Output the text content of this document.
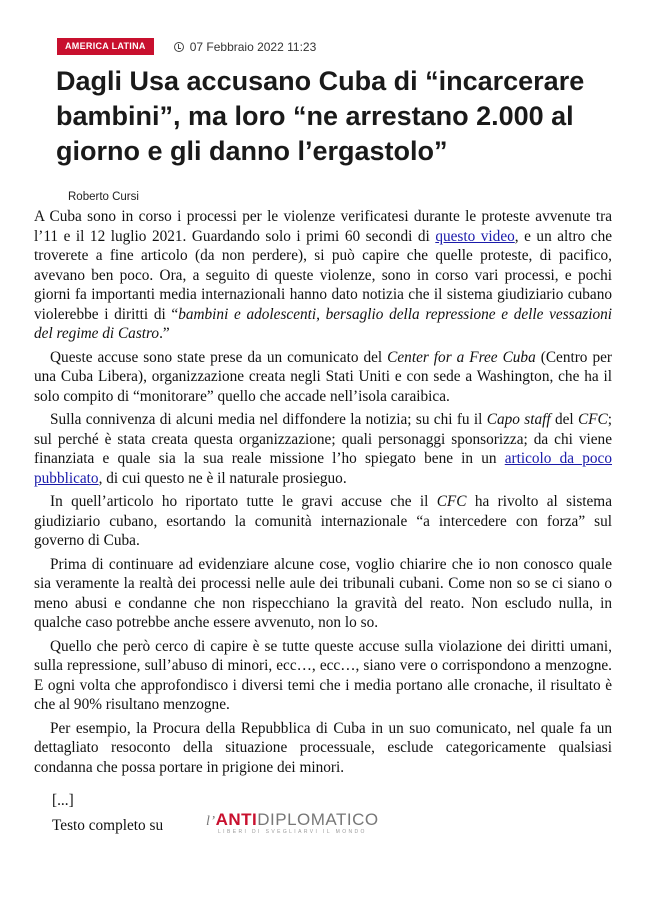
AMERICA LATINA	07 Febbraio 2022 11:23
Dagli Usa accusano Cuba di “incarcerare bambini”, ma loro “ne arrestano 2.000 al giorno e gli danno l’ergastolo”
Roberto Cursi

A Cuba sono in corso i processi per le violenze verificatesi durante le proteste avvenute tra l’11 e il 12 luglio 2021. Guardando solo i primi 60 secondi di questo video, e un altro che troverete a fine articolo (da non perdere), si può capire che quelle proteste, di pacifico, avevano ben poco. Ora, a seguito di queste violenze, sono in corso vari processi, e pochi giorni fa importanti media internazionali hanno dato notizia che il sistema giudiziario cubano violerebbe i diritti di “bambini e adolescenti, bersaglio della repressione e delle vessazioni del regime di Castro.”

Queste accuse sono state prese da un comunicato del Center for a Free Cuba (Centro per una Cuba Libera), organizzazione creata negli Stati Uniti e con sede a Washington, che ha il solo compito di “monitorare” quello che accade nell’isola caraibica.

Sulla connivenza di alcuni media nel diffondere la notizia; su chi fu il Capo staff del CFC; sul perché è stata creata questa organizzazione; quali personaggi sponsorizza; da chi viene finanziata e quale sia la sua reale missione l’ho spiegato bene in un articolo da poco pubblicato, di cui questo ne è il naturale prosieguo.

In quell’articolo ho riportato tutte le gravi accuse che il CFC ha rivolto al sistema giudiziario cubano, esortando la comunità internazionale “a intercedere con forza” sul governo di Cuba.

Prima di continuare ad evidenziare alcune cose, voglio chiarire che io non conosco quale sia veramente la realtà dei processi nelle aule dei tribunali cubani. Come non so se ci siano o meno abusi e condanne che non rispecchiano la gravità del reato. Non escludo nulla, in qualche caso potrebbe anche essere avvenuto, non lo so.

Quello che però cerco di capire è se tutte queste accuse sulla violazione dei diritti umani, sulla repressione, sull’abuso di minori, ecc…, ecc…, siano vere o corrispondono a menzogne. E ogni volta che approfondisco i diversi temi che i media portano alle cronache, il risultato è che al 90% risultano menzogne.

Per esempio, la Procura della Repubblica di Cuba in un suo comunicato, nel quale fa un dettagliato resoconto della situazione processuale, esclude categoricamente qualsiasi condanna che possa portare in prigione dei minori.

[...]
Testo completo su	l’ANTIDIPLOMATICO
LIBERI DI SVEGLIARVI IL MONDO
